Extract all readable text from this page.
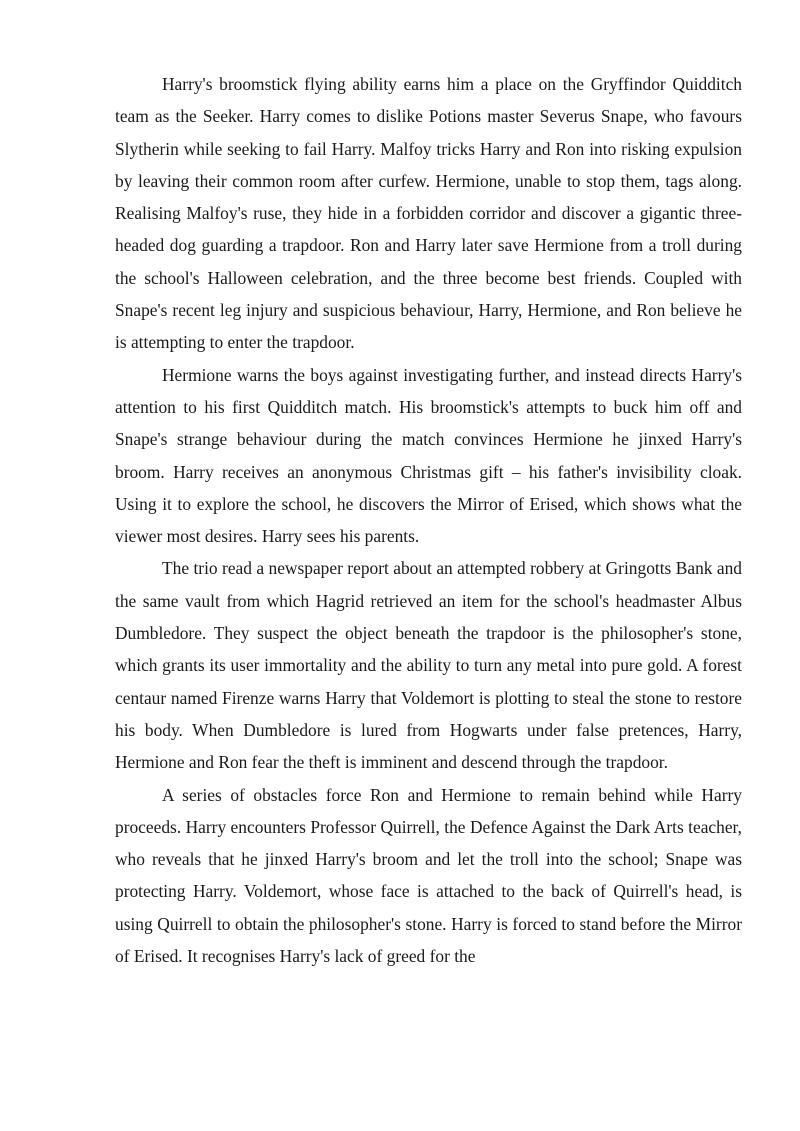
Harry's broomstick flying ability earns him a place on the Gryffindor Quidditch team as the Seeker. Harry comes to dislike Potions master Severus Snape, who favours Slytherin while seeking to fail Harry. Malfoy tricks Harry and Ron into risking expulsion by leaving their common room after curfew. Hermione, unable to stop them, tags along. Realising Malfoy's ruse, they hide in a forbidden corridor and discover a gigantic three-headed dog guarding a trapdoor. Ron and Harry later save Hermione from a troll during the school's Halloween celebration, and the three become best friends. Coupled with Snape's recent leg injury and suspicious behaviour, Harry, Hermione, and Ron believe he is attempting to enter the trapdoor.

Hermione warns the boys against investigating further, and instead directs Harry's attention to his first Quidditch match. His broomstick's attempts to buck him off and Snape's strange behaviour during the match convinces Hermione he jinxed Harry's broom. Harry receives an anonymous Christmas gift – his father's invisibility cloak. Using it to explore the school, he discovers the Mirror of Erised, which shows what the viewer most desires. Harry sees his parents.

The trio read a newspaper report about an attempted robbery at Gringotts Bank and the same vault from which Hagrid retrieved an item for the school's headmaster Albus Dumbledore. They suspect the object beneath the trapdoor is the philosopher's stone, which grants its user immortality and the ability to turn any metal into pure gold. A forest centaur named Firenze warns Harry that Voldemort is plotting to steal the stone to restore his body. When Dumbledore is lured from Hogwarts under false pretences, Harry, Hermione and Ron fear the theft is imminent and descend through the trapdoor.

A series of obstacles force Ron and Hermione to remain behind while Harry proceeds. Harry encounters Professor Quirrell, the Defence Against the Dark Arts teacher, who reveals that he jinxed Harry's broom and let the troll into the school; Snape was protecting Harry. Voldemort, whose face is attached to the back of Quirrell's head, is using Quirrell to obtain the philosopher's stone. Harry is forced to stand before the Mirror of Erised. It recognises Harry's lack of greed for the
